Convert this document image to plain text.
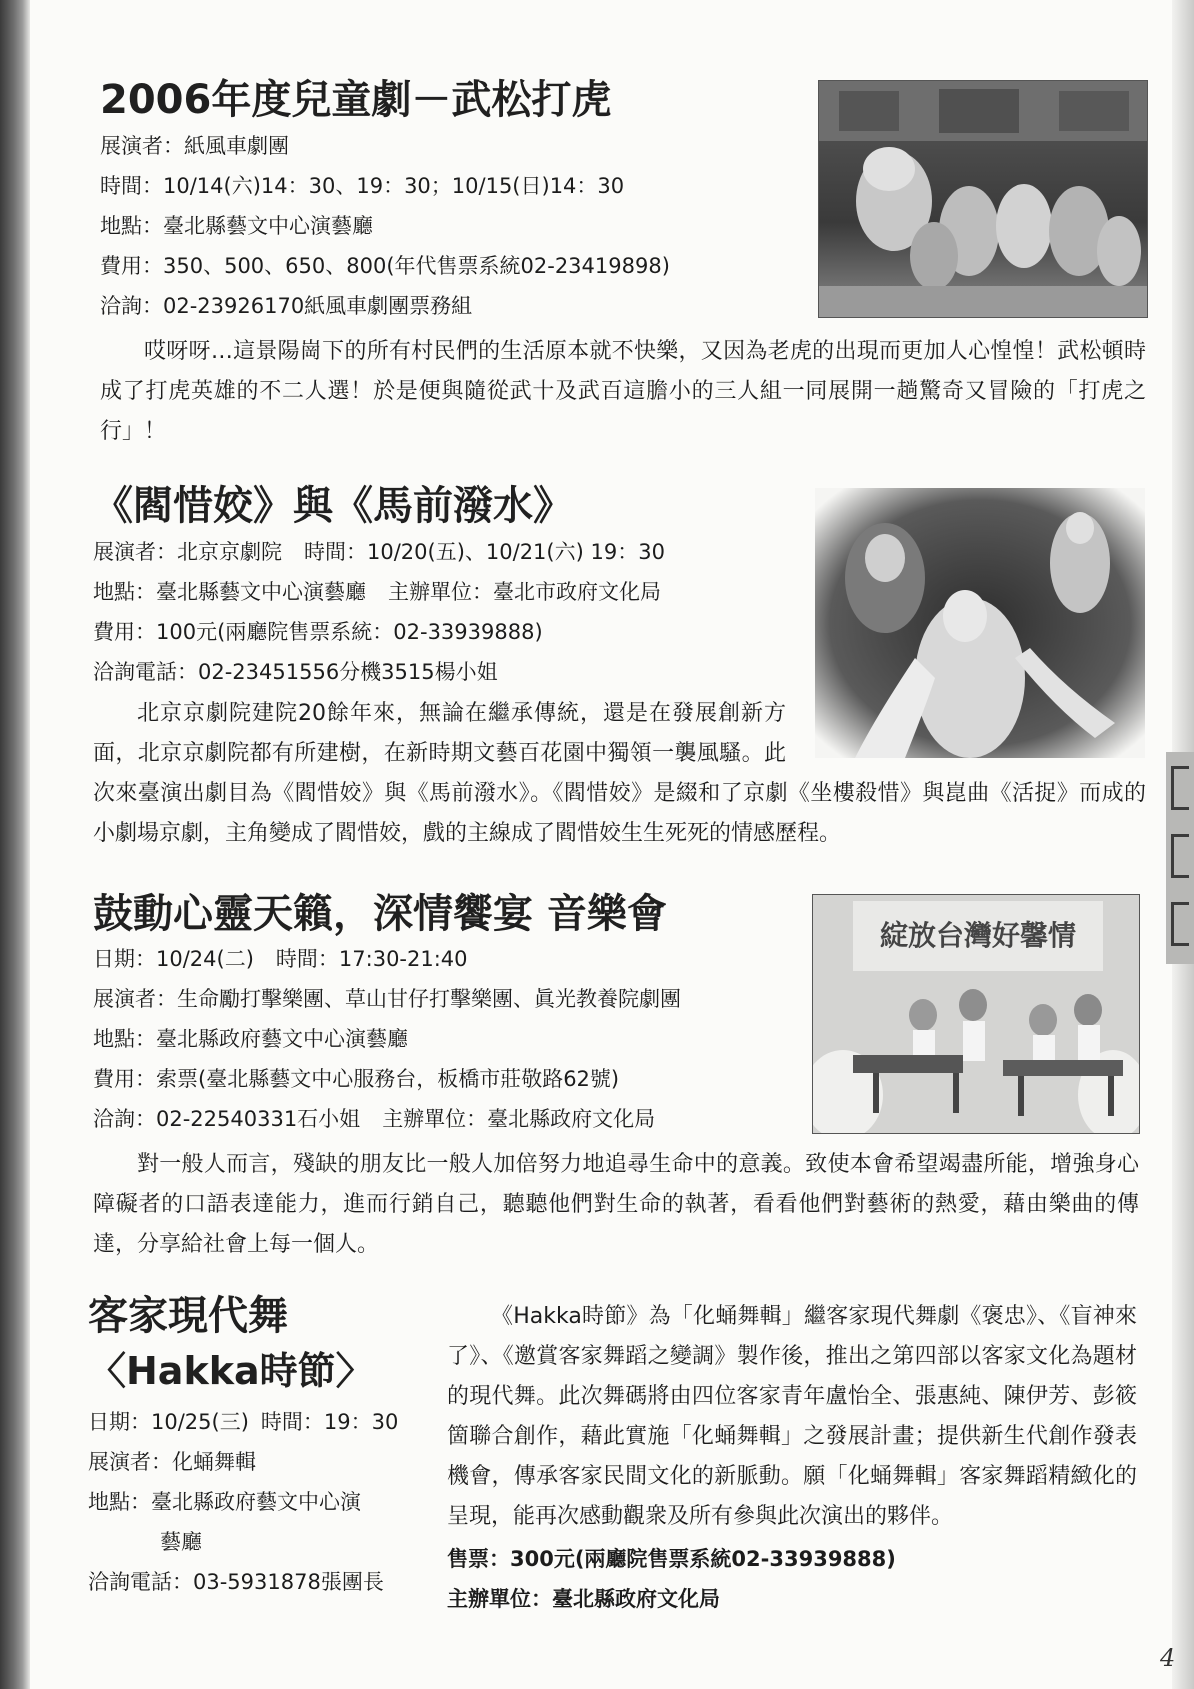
2006年度兒童劇－武松打虎

展演者：紙風車劇團

時間：10/14(六)14：30、19：30；10/15(日)14：30

地點：臺北縣藝文中心演藝廳

費用：350、500、650、800(年代售票系統02-23419898)

洽詢：02-23926170紙風車劇團票務組

哎呀呀…這景陽崗下的所有村民們的生活原本就不快樂，又因為老虎的出現而更加人心惶惶！武松頓時成了打虎英雄的不二人選！於是便與隨從武十及武百這膽小的三人組一同展開一趟驚奇又冒險的「打虎之行」！

《閻惜姣》與《馬前潑水》

展演者：北京京劇院 時間：10/20(五)、10/21(六) 19：30

地點：臺北縣藝文中心演藝廳 主辦單位：臺北市政府文化局

費用：100元(兩廳院售票系統：02-33939888)

洽詢電話：02-23451556分機3515楊小姐

北京京劇院建院20餘年來，無論在繼承傳統，還是在發展創新方面，北京京劇院都有所建樹，在新時期文藝百花園中獨領一襲風騷。此次來臺演出劇目為《閻惜姣》與《馬前潑水》。《閻惜姣》是綴和了京劇《坐樓殺惜》與崑曲《活捉》而成的小劇場京劇，主角變成了閻惜姣，戲的主線成了閻惜姣生生死死的情感歷程。

鼓動心靈天籟，深情饗宴 音樂會

日期：10/24(二) 時間：17:30-21:40

展演者：生命勵打擊樂團、草山甘仔打擊樂團、眞光教養院劇團

地點：臺北縣政府藝文中心演藝廳

費用：索票(臺北縣藝文中心服務台，板橋市莊敬路62號)

洽詢：02-22540331石小姐 主辦單位：臺北縣政府文化局

綻放台灣好馨情

對一般人而言，殘缺的朋友比一般人加倍努力地追尋生命中的意義。致使本會希望竭盡所能，增強身心障礙者的口語表達能力，進而行銷自己，聽聽他們對生命的執著，看看他們對藝術的熱愛，藉由樂曲的傳達，分享給社會上每一個人。

客家現代舞
〈Hakka時節〉

日期：10/25(三) 時間：19：30

展演者：化蛹舞輯

地點：臺北縣政府藝文中心演

藝廳

洽詢電話：03-5931878張團長

《Hakka時節》為「化蛹舞輯」繼客家現代舞劇《褒忠》、《盲神來了》、《邀賞客家舞蹈之變調》製作後，推出之第四部以客家文化為題材的現代舞。此次舞碼將由四位客家青年盧怡全、張惠純、陳伊芳、彭筱箇聯合創作，藉此實施「化蛹舞輯」之發展計畫；提供新生代創作發表機會，傳承客家民間文化的新脈動。願「化蛹舞輯」客家舞蹈精緻化的呈現，能再次感動觀衆及所有參與此次演出的夥伴。

售票：300元(兩廳院售票系統02-33939888)

主辦單位：臺北縣政府文化局

4
